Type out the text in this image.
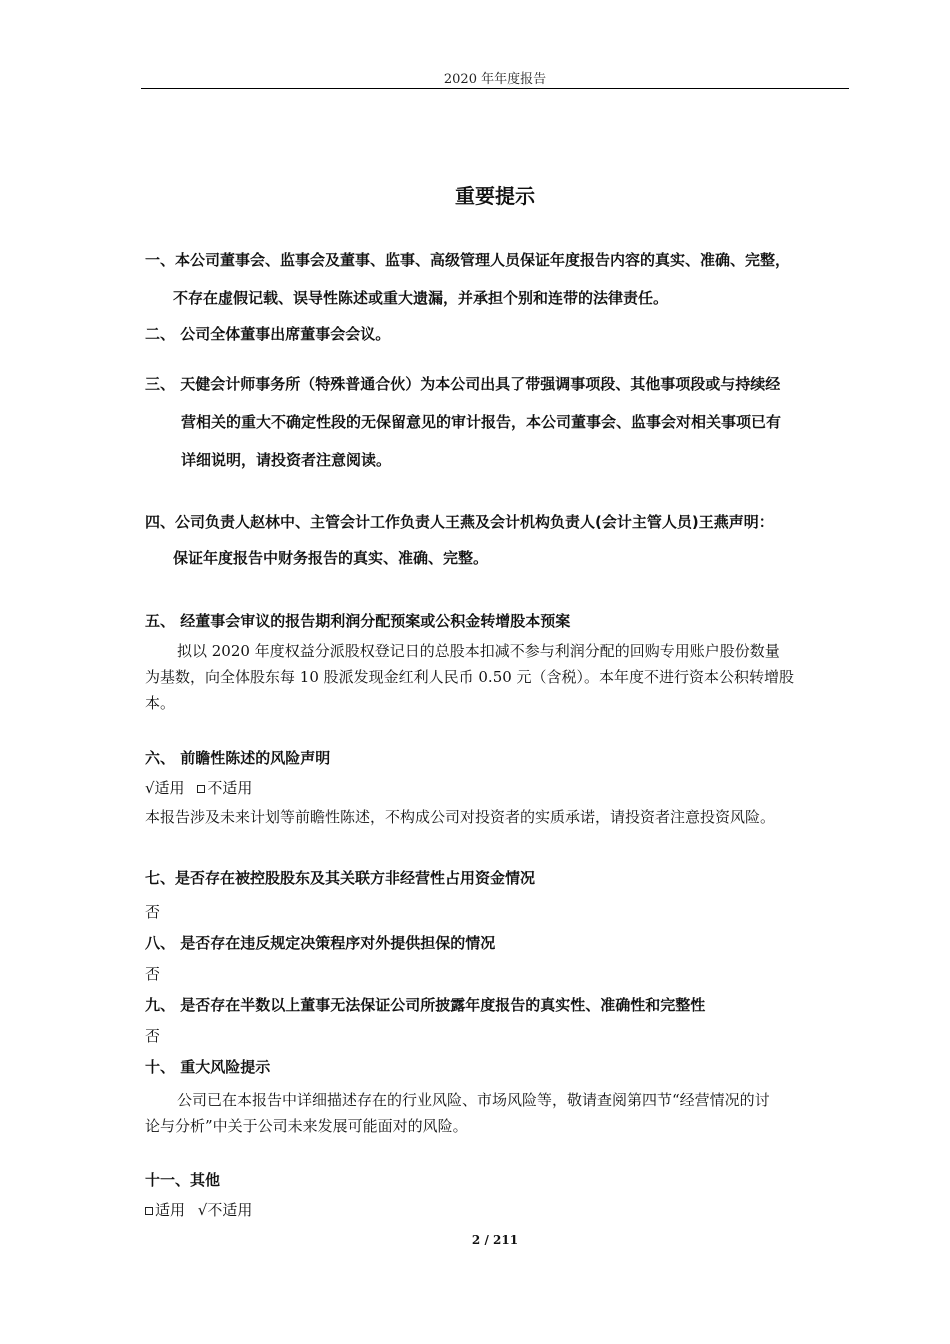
2020 年年度报告
重要提示
一、本公司董事会、监事会及董事、监事、高级管理人员保证年度报告内容的真实、准确、完整，
不存在虚假记载、误导性陈述或重大遗漏，并承担个别和连带的法律责任。
二、 公司全体董事出席董事会会议。
三、 天健会计师事务所（特殊普通合伙）为本公司出具了带强调事项段、其他事项段或与持续经
营相关的重大不确定性段的无保留意见的审计报告，本公司董事会、监事会对相关事项已有
详细说明，请投资者注意阅读。
四、公司负责人赵林中、主管会计工作负责人王燕及会计机构负责人(会计主管人员)王燕声明：
保证年度报告中财务报告的真实、准确、完整。
五、 经董事会审议的报告期利润分配预案或公积金转增股本预案
拟以 2020 年度权益分派股权登记日的总股本扣减不参与利润分配的回购专用账户股份数量
为基数，向全体股东每 10 股派发现金红利人民币 0.50 元（含税）。本年度不进行资本公积转增股
本。
六、 前瞻性陈述的风险声明
√适用 不适用
本报告涉及未来计划等前瞻性陈述，不构成公司对投资者的实质承诺，请投资者注意投资风险。
七、是否存在被控股股东及其关联方非经营性占用资金情况
否
八、 是否存在违反规定决策程序对外提供担保的情况
否
九、 是否存在半数以上董事无法保证公司所披露年度报告的真实性、准确性和完整性
否
十、 重大风险提示
公司已在本报告中详细描述存在的行业风险、市场风险等，敬请查阅第四节“经营情况的讨
论与分析”中关于公司未来发展可能面对的风险。
十一、其他
适用 √不适用
2 / 211
